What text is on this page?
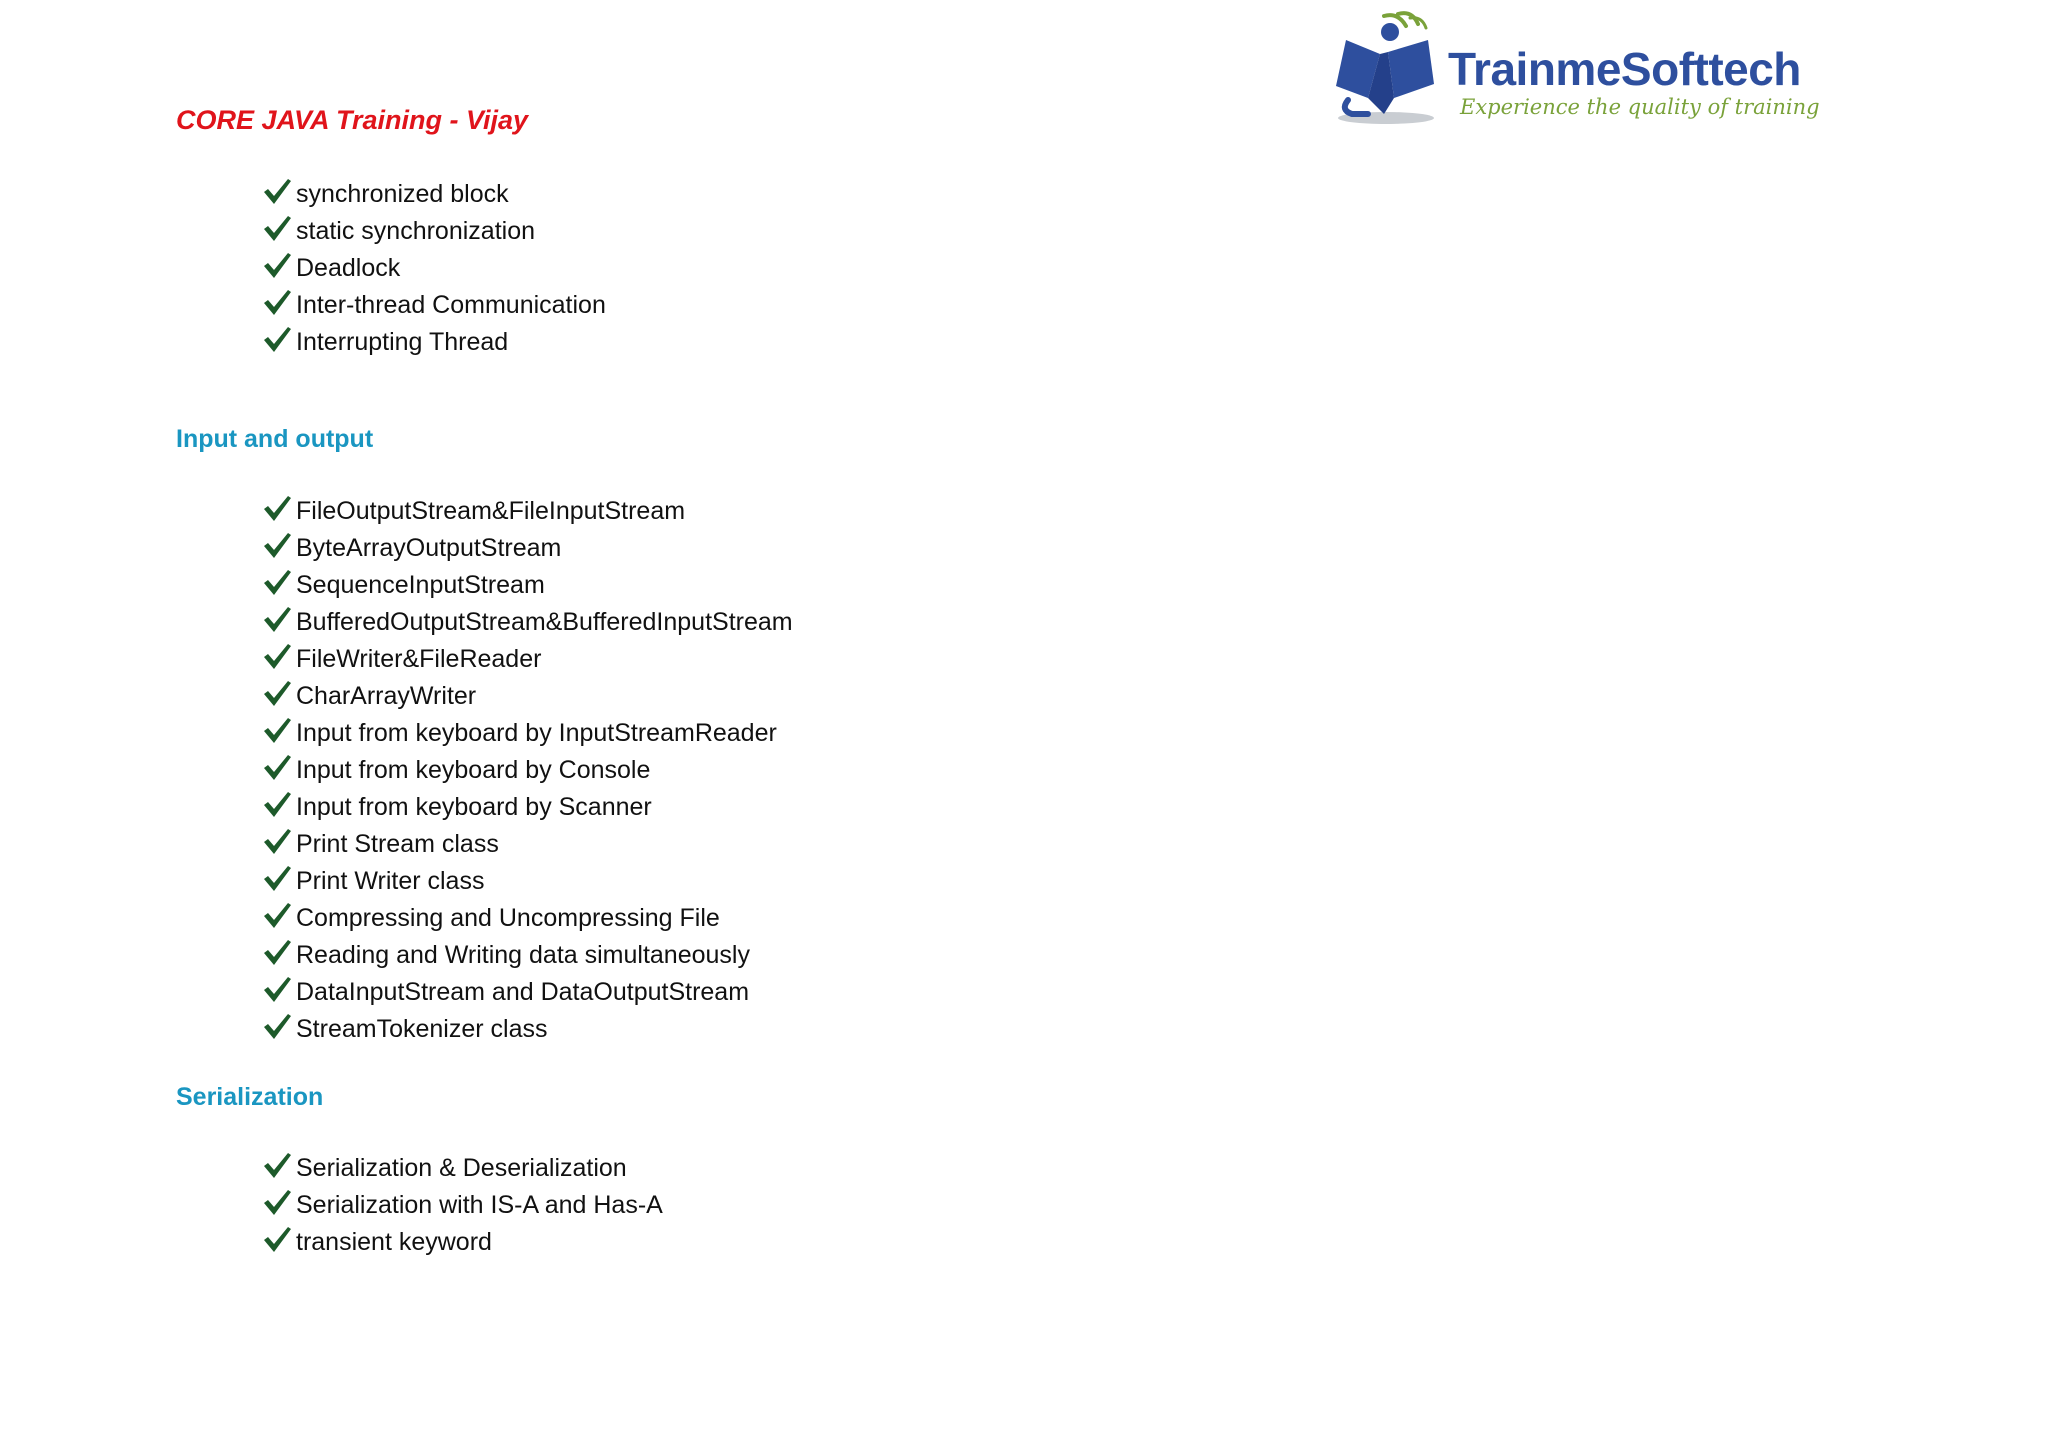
TrainmeSofttech
Experience the quality of training
CORE JAVA Training - Vijay
synchronized block
static synchronization
Deadlock
Inter-thread Communication
Interrupting Thread
Input and output
FileOutputStream&FileInputStream
ByteArrayOutputStream
SequenceInputStream
BufferedOutputStream&BufferedInputStream
FileWriter&FileReader
CharArrayWriter
Input from keyboard by InputStreamReader
Input from keyboard by Console
Input from keyboard by Scanner
Print Stream class
Print Writer class
Compressing and Uncompressing File
Reading and Writing data simultaneously
DataInputStream and DataOutputStream
StreamTokenizer class
Serialization
Serialization & Deserialization
Serialization with IS-A and Has-A
transient keyword
